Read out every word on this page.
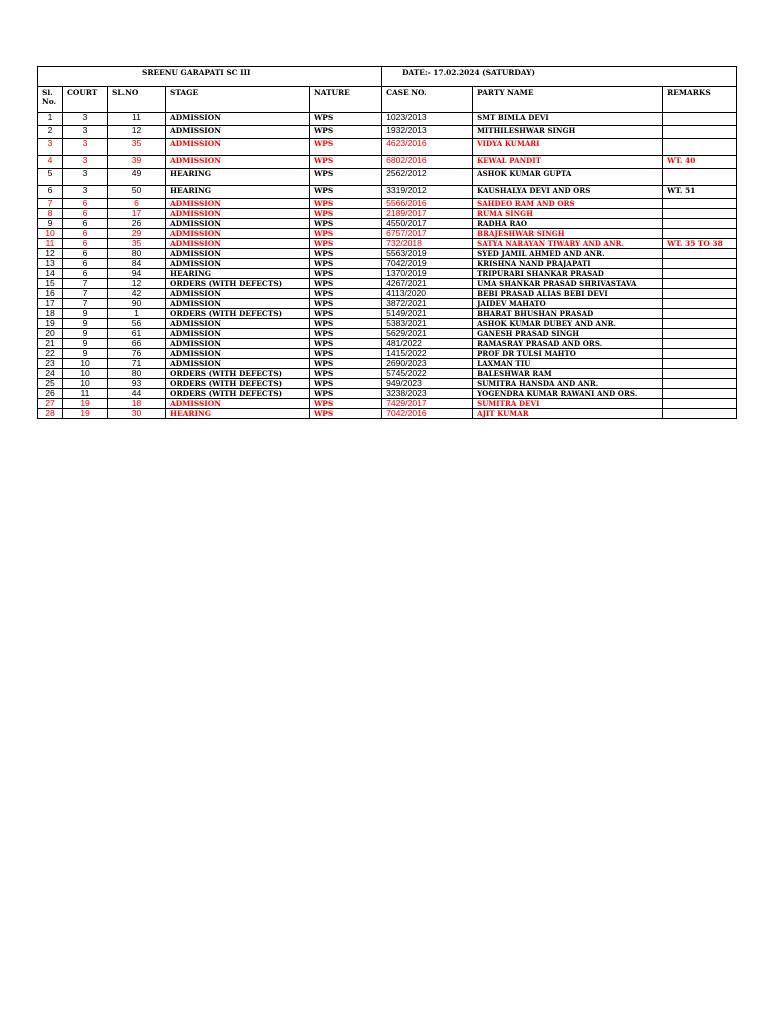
SREENU GARAPATI SC III					DATE:- 17.02.2024 (SATURDAY)		
Sl. No.	COURT	SL.NO	STAGE	NATURE	CASE NO.	PARTY NAME	REMARKS
1	3	11	ADMISSION	WPS	1023/2013	SMT BIMLA DEVI	
2	3	12	ADMISSION	WPS	1932/2013	MITHILESHWAR SINGH	
3	3	35	ADMISSION	WPS	4623/2016	VIDYA KUMARI	
4	3	39	ADMISSION	WPS	6802/2016	KEWAL PANDIT	WT. 40
5	3	49	HEARING	WPS	2562/2012	ASHOK KUMAR GUPTA	
6	3	50	HEARING	WPS	3319/2012	KAUSHALYA DEVI AND ORS	WT. 51
7	6	6	ADMISSION	WPS	5566/2016	SAHDEO RAM AND ORS	
8	6	17	ADMISSION	WPS	2189/2017	RUMA SINGH	
9	6	26	ADMISSION	WPS	4550/2017	RADHA RAO	
10	6	29	ADMISSION	WPS	6757/2017	BRAJESHWAR SINGH	
11	6	35	ADMISSION	WPS	732/2018	SATYA NARAYAN TIWARY AND ANR.	WT. 35 TO 38
12	6	80	ADMISSION	WPS	5563/2019	SYED JAMIL AHMED AND ANR.	
13	6	84	ADMISSION	WPS	7042/2019	KRISHNA NAND PRAJAPATI	
14	6	94	HEARING	WPS	1370/2019	TRIPURARI SHANKAR PRASAD	
15	7	12	ORDERS (WITH DEFECTS)	WPS	4267/2021	UMA SHANKAR PRASAD SHRIVASTAVA	
16	7	42	ADMISSION	WPS	4113/2020	BEBI PRASAD ALIAS BEBI DEVI	
17	7	90	ADMISSION	WPS	3872/2021	JAIDEV MAHATO	
18	9	1	ORDERS (WITH DEFECTS)	WPS	5149/2021	BHARAT BHUSHAN PRASAD	
19	9	56	ADMISSION	WPS	5383/2021	ASHOK KUMAR DUBEY AND ANR.	
20	9	61	ADMISSION	WPS	5629/2021	GANESH PRASAD SINGH	
21	9	66	ADMISSION	WPS	481/2022	RAMASRAY PRASAD AND ORS.	
22	9	76	ADMISSION	WPS	1415/2022	PROF DR TULSI MAHTO	
23	10	71	ADMISSION	WPS	2690/2023	LAXMAN TIU	
24	10	80	ORDERS (WITH DEFECTS)	WPS	5745/2022	BALESHWAR RAM	
25	10	93	ORDERS (WITH DEFECTS)	WPS	949/2023	SUMITRA HANSDA AND ANR.	
26	11	44	ORDERS (WITH DEFECTS)	WPS	3238/2023	YOGENDRA KUMAR RAWANI AND ORS.	
27	19	18	ADMISSION	WPS	7429/2017	SUMITRA DEVI	
28	19	30	HEARING	WPS	7042/2016	AJIT KUMAR	
